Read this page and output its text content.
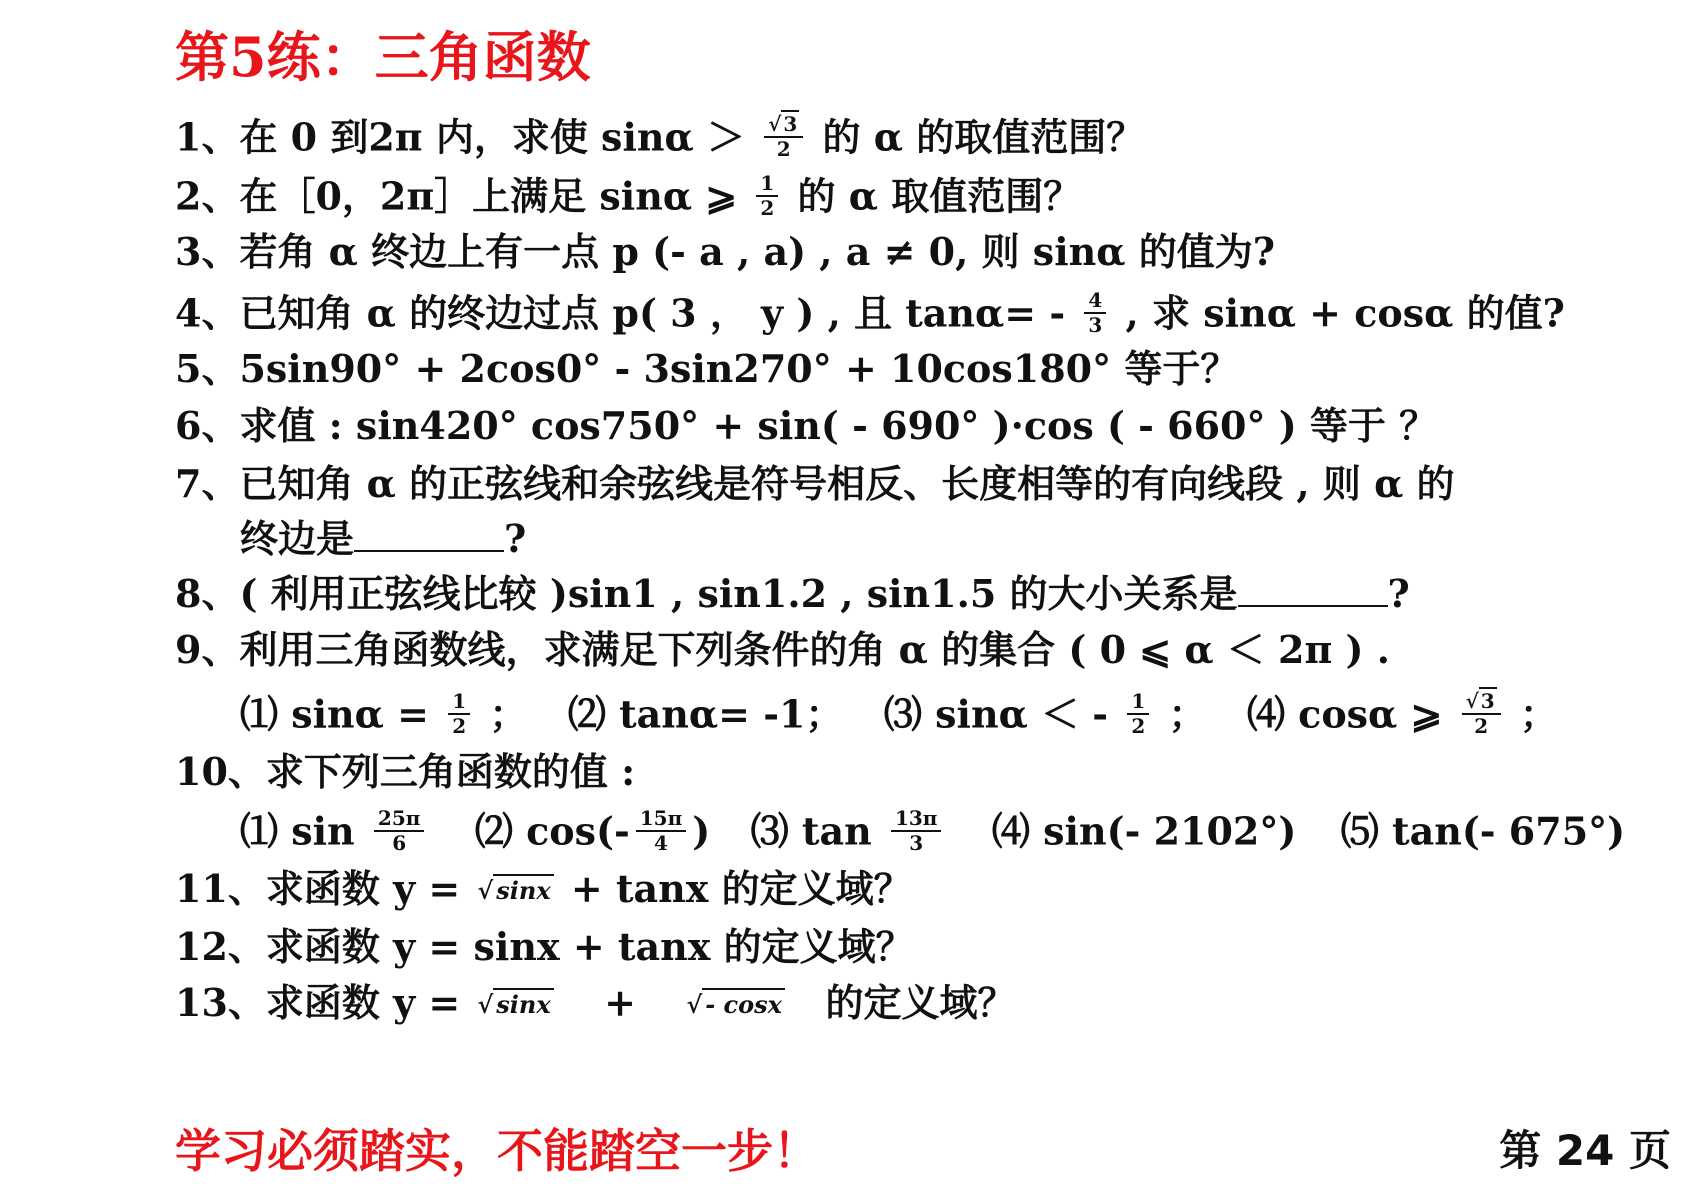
第5练：三角函数
1、在 0 到2π 内，求使 $\sin\alpha > \frac{√ 3}{2}$ 的 α 的取值范围？
2、在［0，2π］上满足 sinα ⩾ $\frac{1}{2}$ 的 α 取值范围？
3、若角 α 终边上有一点 p (- a , a) , a ≠ 0, 则 sinα 的值为?
4、已知角 α 的终边过点 p( 3 ， y ) , 且 $\tan\alpha= - \frac{4}{3}$ , 求 sinα + cosα 的值?
5、5sin90° + 2cos0° - 3sin270° + 10cos180° 等于？
6、求值 : sin420° cos750° + sin( - 690° )·cos ( - 660° ) 等于 ？
7、已知角 α 的正弦线和余弦线是符号相反、长度相等的有向线段 , 则 α 的
终边是	?
8、( 利用正弦线比较 )sin1 , sin1.2 , sin1.5 的大小关系是	?
9、利用三角函数线，求满足下列条件的角 α 的集合 ( 0 ⩽ α ＜ 2π ) .
⑴ $\sin\alpha = \frac{1}{2}$ ； ⑵ tanα= -1； ⑶ sinα ＜ - $\frac{1}{2}$ ； ⑷ cosα ⩾ $\frac{√ 3}{2}$ ；
10、求下列三角函数的值 :
⑴ $\sin \frac{25\pi}{6}$ ⑵ $\cos(- \frac{15\pi}{4}$ ) ⑶ $\tan \frac{13\pi}{3}$ ⑷ sin(- 2102°) ⑸ tan(- 675°)
11、求函数 y = √ sinx + tanx 的定义域？
12、求函数 y = sinx + tanx 的定义域？
13、求函数 y = √ sinx + √ - cosx 的定义域？
学习必须踏实，不能踏空一步！	第 24 页
